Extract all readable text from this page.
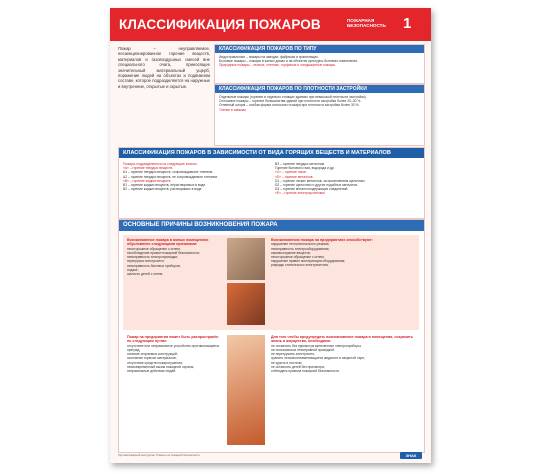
КЛАССИФИКАЦИЯ ПОЖАРОВ	ПОЖАРНАЯ БЕЗОПАСНОСТЬ	1
Пожар – неуправляемое, несанкционированное горение веществ, материалов и газовоздушных смесей вне специального очага, приносящее значительный материальный ущерб, поражение людей на объектах и подвижном составе, которое подразделяется на наружные и внутренние, открытые и скрытые.
КЛАССИФИКАЦИЯ ПОЖАРОВ ПО ТИПУ
Индустриальные – пожары на заводах, фабриках и хранилищах.
Бытовые пожары – пожары в жилых домах и на объектах культурно-бытового назначения.
Природные пожары – лесные, степные, торфяные и ландшафтные пожары.
КЛАССИФИКАЦИЯ ПОЖАРОВ ПО ПЛОТНОСТИ ЗАСТРОЙКИ
Отдельные пожары (горение в отдельно стоящих зданиях при невысокой плотности застройки).
Сплошные пожары – горение большинства зданий при плотности застройки более 20–30 %.
Огненный шторм – особая форма сплошного пожара при плотности застройки более 30 %.
Тление в завалах
КЛАССИФИКАЦИЯ ПОЖАРОВ В ЗАВИСИМОСТИ ОТ ВИДА ГОРЯЩИХ ВЕЩЕСТВ И МАТЕРИАЛОВ
Пожары подразделяются на следующие классы:
«А» – горение твердых веществ.
А1 – горение твердых веществ, сопровождаемое тлением.
А2 – горение твердых веществ, не сопровождаемое тлением.
«В» – горение жидких веществ.
В1 – горение жидких веществ, нерастворимых в воде.
В2 – горение жидких веществ, растворимых в воде.
В3 – горение твердых металлов.
Горение бытового газа, водорода и др.
«С» – горение газов.
«D» – горение металлов.
D1 – горение легких металлов, за исключением щелочных.
D2 – горение щелочных и других подобных металлов.
D3 – горение металлосодержащих соединений.
«Е» – горение электроустановок.
ОСНОВНЫЕ ПРИЧИНЫ ВОЗНИКНОВЕНИЯ ПОЖАРА
Возникновение пожара в жилых помещениях обусловлено следующими причинами:
неосторожное обращение с огнем;
несоблюдение правил пожарной безопасности;
неисправность электропроводки;
перегрузка электросети;
неисправность бытовых приборов;
поджог;
шалость детей с огнем.
Возникновению пожара на предприятиях способствуют:
нарушение технологического режима;
неисправность электрооборудования;
самовозгорание веществ;
неосторожное обращение с огнем;
нарушение правил эксплуатации оборудования;
разряды статического электричества.
Пожар на предприятии может быть распространён по следующим путям:
отсутствие или неправильное устройство противопожарных преград;
наличие сгораемых конструкций;
скопление горючих материалов;
отсутствие средств пожаротушения;
несвоевременный вызов пожарной охраны;
неправильные действия людей.
Для того чтобы предупредить возникновение пожара в помещении, сохранить жизнь и имущество, необходимо:
не оставлять без присмотра включенные электроприборы;
не пользоваться неисправной проводкой;
не перегружать электросеть;
хранить легковоспламеняющиеся жидкости в закрытой таре;
не курить в постели;
не оставлять детей без присмотра;
соблюдать правила пожарной безопасности.
Противопожарный инструктаж. Плакаты по пожарной безопасности.	ЗНАК
